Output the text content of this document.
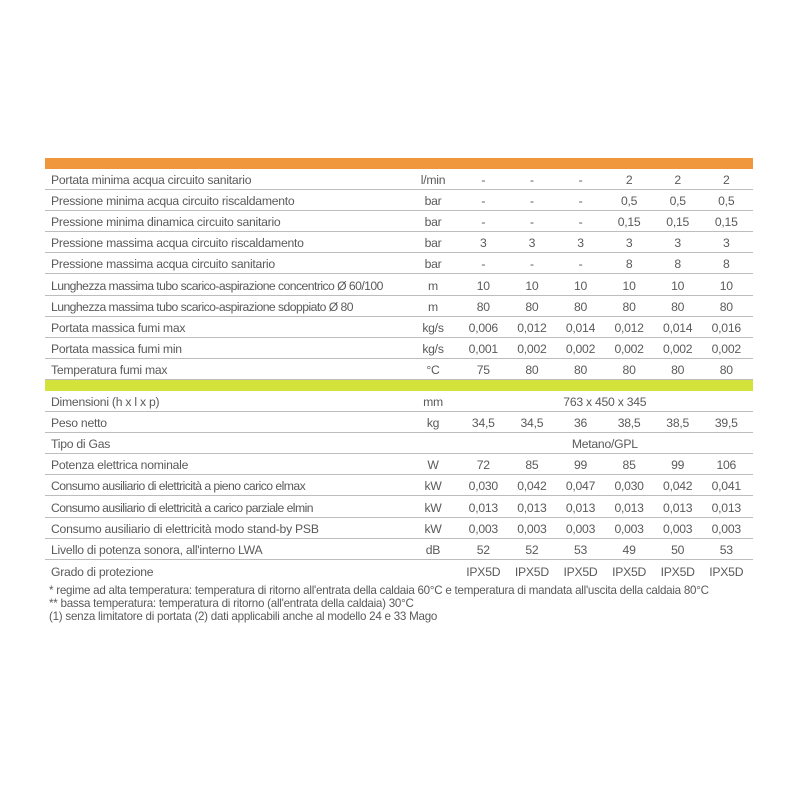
Portata minima acqua circuito sanitario	l/min	-	-	-	2	2	2
Pressione minima acqua circuito riscaldamento	bar	-	-	-	0,5	0,5	0,5
Pressione minima dinamica circuito sanitario	bar	-	-	-	0,15	0,15	0,15
Pressione massima acqua circuito riscaldamento	bar	3	3	3	3	3	3
Pressione massima acqua circuito sanitario	bar	-	-	-	8	8	8
Lunghezza massima tubo scarico-aspirazione concentrico Ø 60/100	m	10	10	10	10	10	10
Lunghezza massima tubo scarico-aspirazione sdoppiato Ø 80	m	80	80	80	80	80	80
Portata massica fumi max	kg/s	0,006	0,012	0,014	0,012	0,014	0,016
Portata massica fumi min	kg/s	0,001	0,002	0,002	0,002	0,002	0,002
Temperatura fumi max	°C	75	80	80	80	80	80
Dimensioni (h x l x p)	mm	763 x 450 x 345
Peso netto	kg	34,5	34,5	36	38,5	38,5	39,5
Tipo di Gas	Metano/GPL
Potenza elettrica nominale	W	72	85	99	85	99	106
Consumo ausiliario di elettricità a pieno carico elmax	kW	0,030	0,042	0,047	0,030	0,042	0,041
Consumo ausiliario di elettricità a carico parziale elmin	kW	0,013	0,013	0,013	0,013	0,013	0,013
Consumo ausiliario di elettricità modo stand-by PSB	kW	0,003	0,003	0,003	0,003	0,003	0,003
Livello di potenza sonora, all'interno LWA	dB	52	52	53	49	50	53
Grado di protezione	IPX5D	IPX5D	IPX5D	IPX5D	IPX5D	IPX5D
* regime ad alta temperatura: temperatura di ritorno all'entrata della caldaia 60°C e temperatura di mandata all'uscita della caldaia 80°C
** bassa temperatura: temperatura di ritorno (all'entrata della caldaia) 30°C
(1) senza limitatore di portata (2) dati applicabili anche al modello 24 e 33 Mago
